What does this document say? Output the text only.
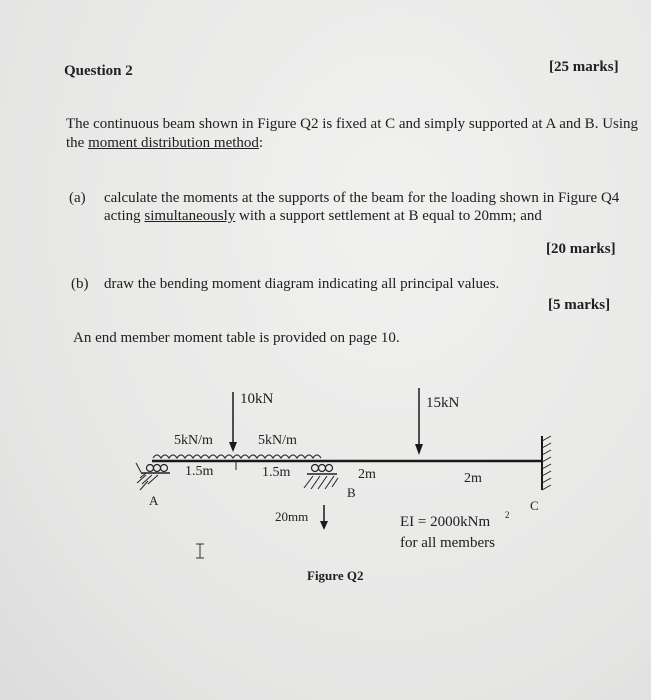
Question 2	[25 marks]
The continuous beam shown in Figure Q2 is fixed at C and simply supported at A and B. Using
the moment distribution method:
(a) calculate the moments at the supports of the beam for the loading shown in Figure Q4
acting simultaneously with a support settlement at B equal to 20mm; and
[20 marks]
(b) draw the bending moment diagram indicating all principal values.
[5 marks]
An end member moment table is provided on page 10.
10kN	15kN
5kN/m	5kN/m
1.5m	1.5m	2m	2m
A
B
C
20mm	EI = 2000kNm 2
for all members
Figure Q2
